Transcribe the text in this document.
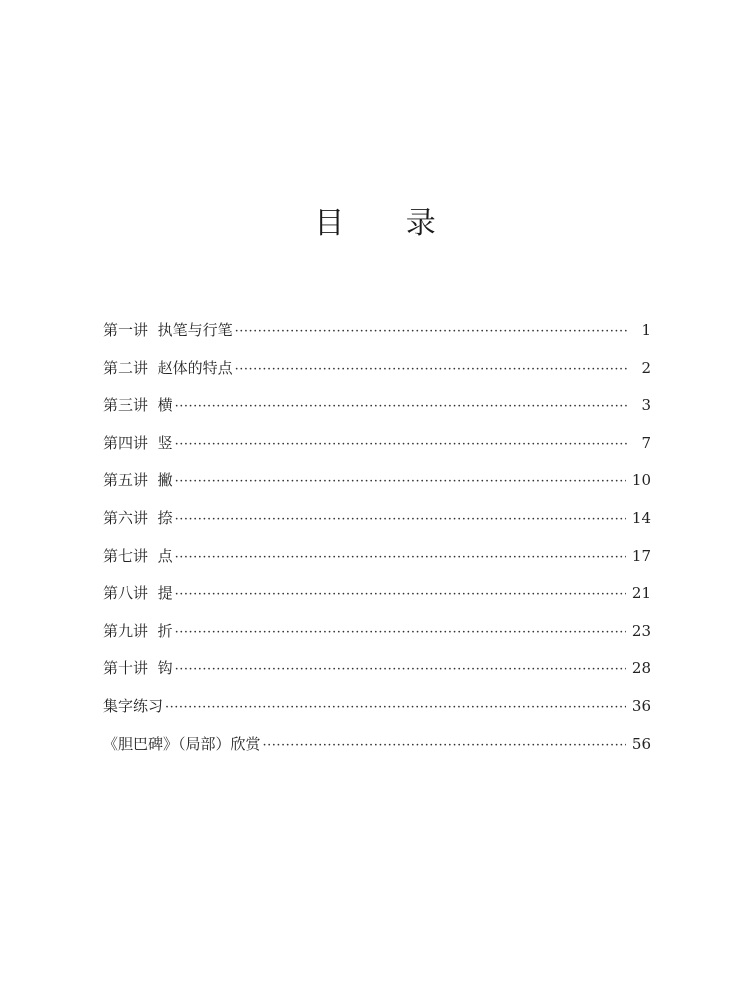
目 录
第一讲 执笔与行笔 ·····	1
第二讲 赵体的特点 ·····	2
第三讲 横 ·····	3
第四讲 竖 ·····	7
第五讲 撇 ·····	10
第六讲 捺 ·····	14
第七讲 点 ·····	17
第八讲 提 ·····	21
第九讲 折 ·····	23
第十讲 钩 ·····	28
集字练习 ·····	36
《胆巴碑》（局部）欣赏 ·····	56
